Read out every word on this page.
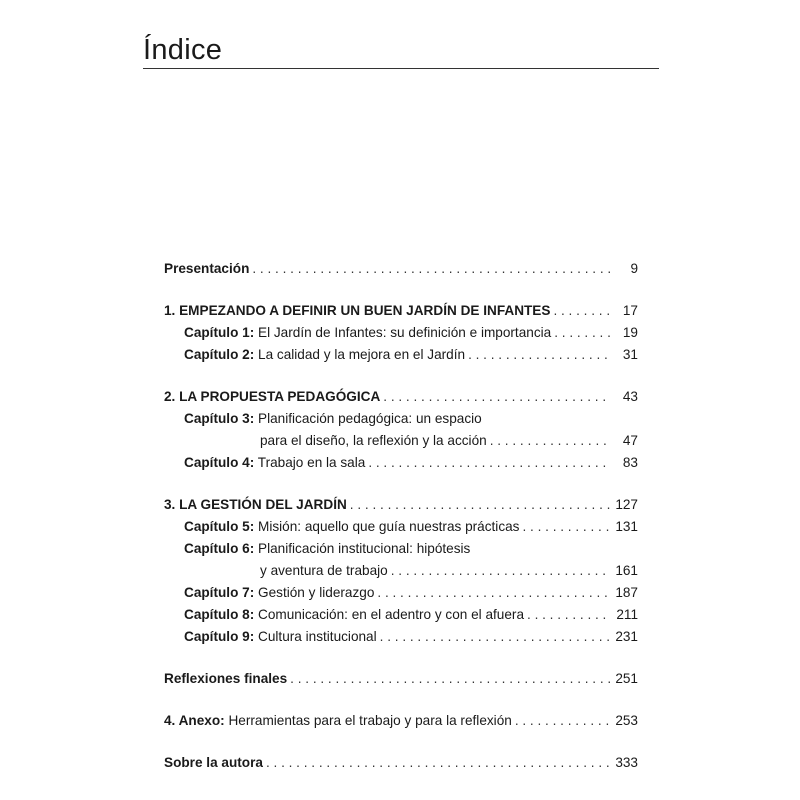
Índice
Presentación . . .	9
1. EMPEZANDO A DEFINIR UN BUEN JARDÍN DE INFANTES . . .	17
Capítulo 1: El Jardín de Infantes: su definición e importancia . . .	19
Capítulo 2: La calidad y la mejora en el Jardín . . .	31
2. LA PROPUESTA PEDAGÓGICA . . .	43
Capítulo 3: Planificación pedagógica: un espacio
para el diseño, la reflexión y la acción . . .	47
Capítulo 4: Trabajo en la sala . . .	83
3. LA GESTIÓN DEL JARDÍN . . .	127
Capítulo 5: Misión: aquello que guía nuestras prácticas . . .	131
Capítulo 6: Planificación institucional: hipótesis
y aventura de trabajo . . .	161
Capítulo 7: Gestión y liderazgo . . .	187
Capítulo 8: Comunicación: en el adentro y con el afuera . . .	211
Capítulo 9: Cultura institucional . . .	231
Reflexiones finales . . .	251
4. Anexo: Herramientas para el trabajo y para la reflexión . . .	253
Sobre la autora . . .	333
